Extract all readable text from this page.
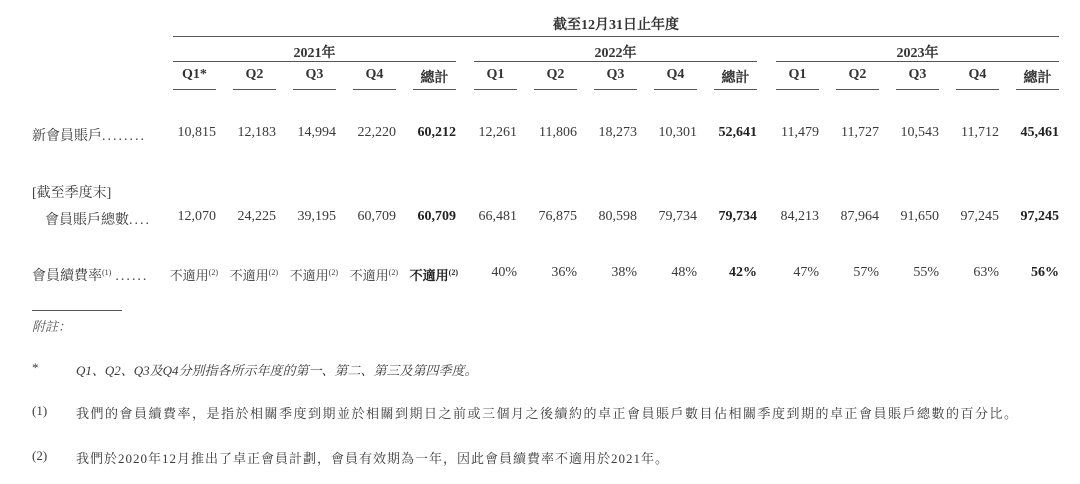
截至12月31日止年度
2021年	2022年	2023年
Q1*	Q2	Q3	Q4	總計	Q1	Q2	Q3	Q4	總計	Q1	Q2	Q3	Q4	總計
新會員賬戶........	10,815	12,183	14,994	22,220	60,212	12,261	11,806	18,273	10,301	52,641	11,479	11,727	10,543	11,712	45,461
[截至季度末]
會員賬戶總數....	12,070	24,225	39,195	60,709	60,709	66,481	76,875	80,598	79,734	79,734	84,213	87,964	91,650	97,245	97,245
會員續費率$^{(1)}$ ......	不適用$^{(2)}$ 不適用$^{(2)}$ 不適用$^{(2)}$ 不適用$^{(2)}$ 不適用$^{(2)}$	40%	36%	38%	48%	42%	47%	57%	55%	63%	56%
附註：
*	Q1、Q2、Q3及Q4分別指各所示年度的第一、第二、第三及第四季度。
(1) 我們的會員續費率，是指於相關季度到期並於相關到期日之前或三個月之後續約的卓正會員賬戶數目佔相關季度到期的卓正會員賬戶總數的百分比。
(2) 我們於2020年12月推出了卓正會員計劃，會員有效期為一年，因此會員續費率不適用於2021年。
